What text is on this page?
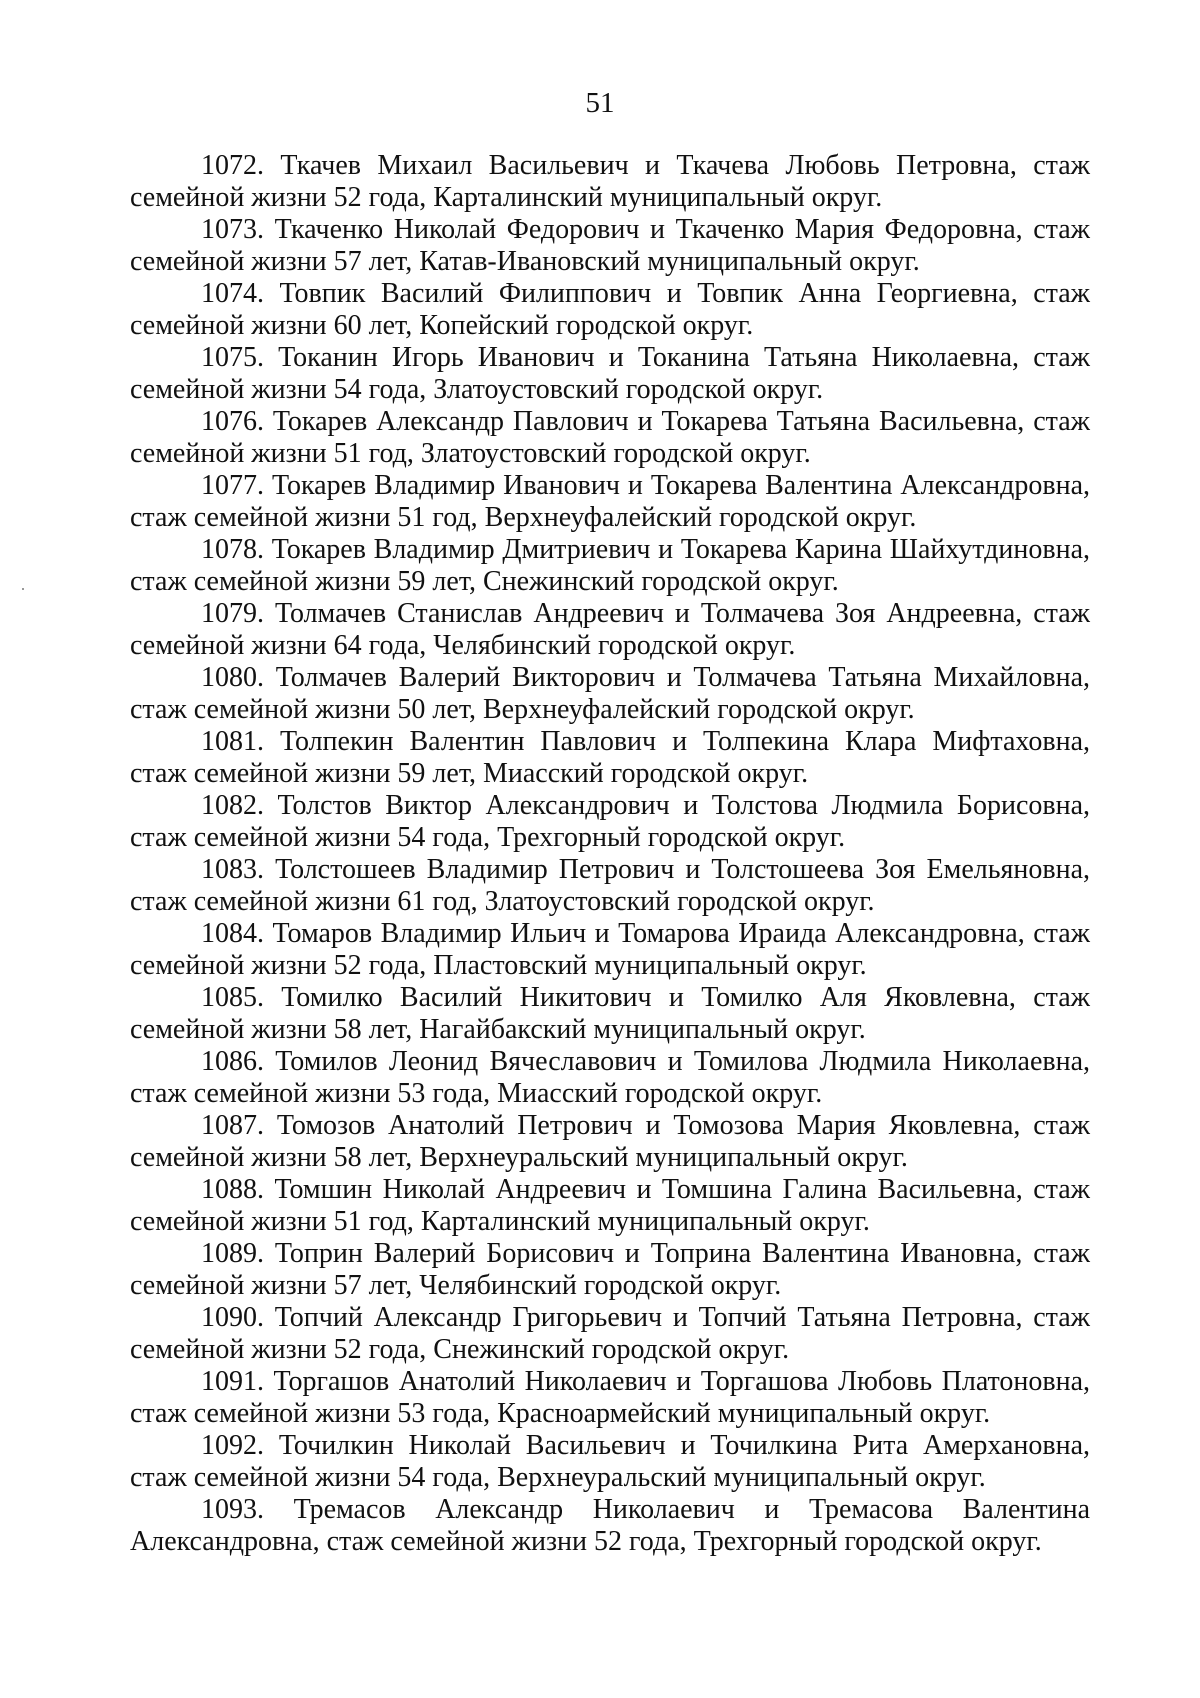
51

1072. Ткачев Михаил Васильевич и Ткачева Любовь Петровна, стаж семейной жизни 52 года, Карталинский муниципальный округ.

1073. Ткаченко Николай Федорович и Ткаченко Мария Федоровна, стаж семейной жизни 57 лет, Катав-Ивановский муниципальный округ.

1074. Товпик Василий Филиппович и Товпик Анна Георгиевна, стаж семейной жизни 60 лет, Копейский городской округ.

1075. Токанин Игорь Иванович и Токанина Татьяна Николаевна, стаж семейной жизни 54 года, Златоустовский городской округ.

1076. Токарев Александр Павлович и Токарева Татьяна Васильевна, стаж семейной жизни 51 год, Златоустовский городской округ.

1077. Токарев Владимир Иванович и Токарева Валентина Александровна, стаж семейной жизни 51 год, Верхнеуфалейский городской округ.

1078. Токарев Владимир Дмитриевич и Токарева Карина Шайхутдиновна, стаж семейной жизни 59 лет, Снежинский городской округ.

1079. Толмачев Станислав Андреевич и Толмачева Зоя Андреевна, стаж семейной жизни 64 года, Челябинский городской округ.

1080. Толмачев Валерий Викторович и Толмачева Татьяна Михайловна, стаж семейной жизни 50 лет, Верхнеуфалейский городской округ.

1081. Толпекин Валентин Павлович и Толпекина Клара Мифтаховна, стаж семейной жизни 59 лет, Миасский городской округ.

1082. Толстов Виктор Александрович и Толстова Людмила Борисовна, стаж семейной жизни 54 года, Трехгорный городской округ.

1083. Толстошеев Владимир Петрович и Толстошеева Зоя Емельяновна, стаж семейной жизни 61 год, Златоустовский городской округ.

1084. Томаров Владимир Ильич и Томарова Ираида Александровна, стаж семейной жизни 52 года, Пластовский муниципальный округ.

1085. Томилко Василий Никитович и Томилко Аля Яковлевна, стаж семейной жизни 58 лет, Нагайбакский муниципальный округ.

1086. Томилов Леонид Вячеславович и Томилова Людмила Николаевна, стаж семейной жизни 53 года, Миасский городской округ.

1087. Томозов Анатолий Петрович и Томозова Мария Яковлевна, стаж семейной жизни 58 лет, Верхнеуральский муниципальный округ.

1088. Томшин Николай Андреевич и Томшина Галина Васильевна, стаж семейной жизни 51 год, Карталинский муниципальный округ.

1089. Топрин Валерий Борисович и Топрина Валентина Ивановна, стаж семейной жизни 57 лет, Челябинский городской округ.

1090. Топчий Александр Григорьевич и Топчий Татьяна Петровна, стаж семейной жизни 52 года, Снежинский городской округ.

1091. Торгашов Анатолий Николаевич и Торгашова Любовь Платоновна, стаж семейной жизни 53 года, Красноармейский муниципальный округ.

1092. Точилкин Николай Васильевич и Точилкина Рита Амерхановна, стаж семейной жизни 54 года, Верхнеуральский муниципальный округ.

1093. Тремасов Александр Николаевич и Тремасова Валентина Александровна, стаж семейной жизни 52 года, Трехгорный городской округ.
